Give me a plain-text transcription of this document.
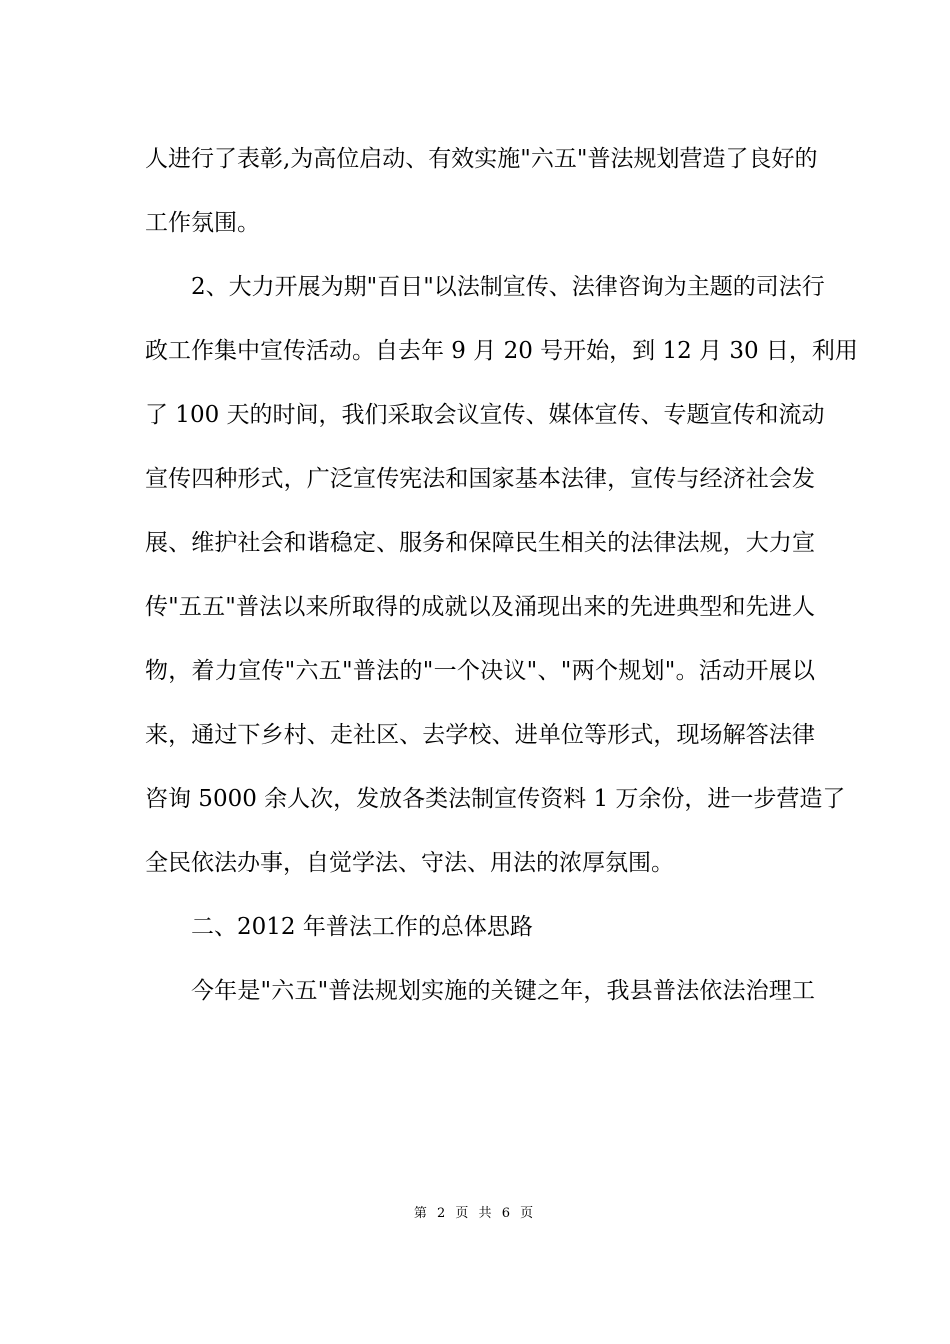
人进行了表彰,为高位启动、有效实施"六五"普法规划营造了良好的
工作氛围。
2、大力开展为期"百日"以法制宣传、法律咨询为主题的司法行
政工作集中宣传活动。自去年 9 月 20 号开始，到 12 月 30 日，利用
了 100 天的时间，我们采取会议宣传、媒体宣传、专题宣传和流动
宣传四种形式，广泛宣传宪法和国家基本法律，宣传与经济社会发
展、维护社会和谐稳定、服务和保障民生相关的法律法规，大力宣
传"五五"普法以来所取得的成就以及涌现出来的先进典型和先进人
物，着力宣传"六五"普法的"一个决议"、"两个规划"。活动开展以
来，通过下乡村、走社区、去学校、进单位等形式，现场解答法律
咨询 5000 余人次，发放各类法制宣传资料 1 万余份，进一步营造了
全民依法办事，自觉学法、守法、用法的浓厚氛围。
二、2012 年普法工作的总体思路
今年是"六五"普法规划实施的关键之年，我县普法依法治理工
第 2 页 共 6 页
